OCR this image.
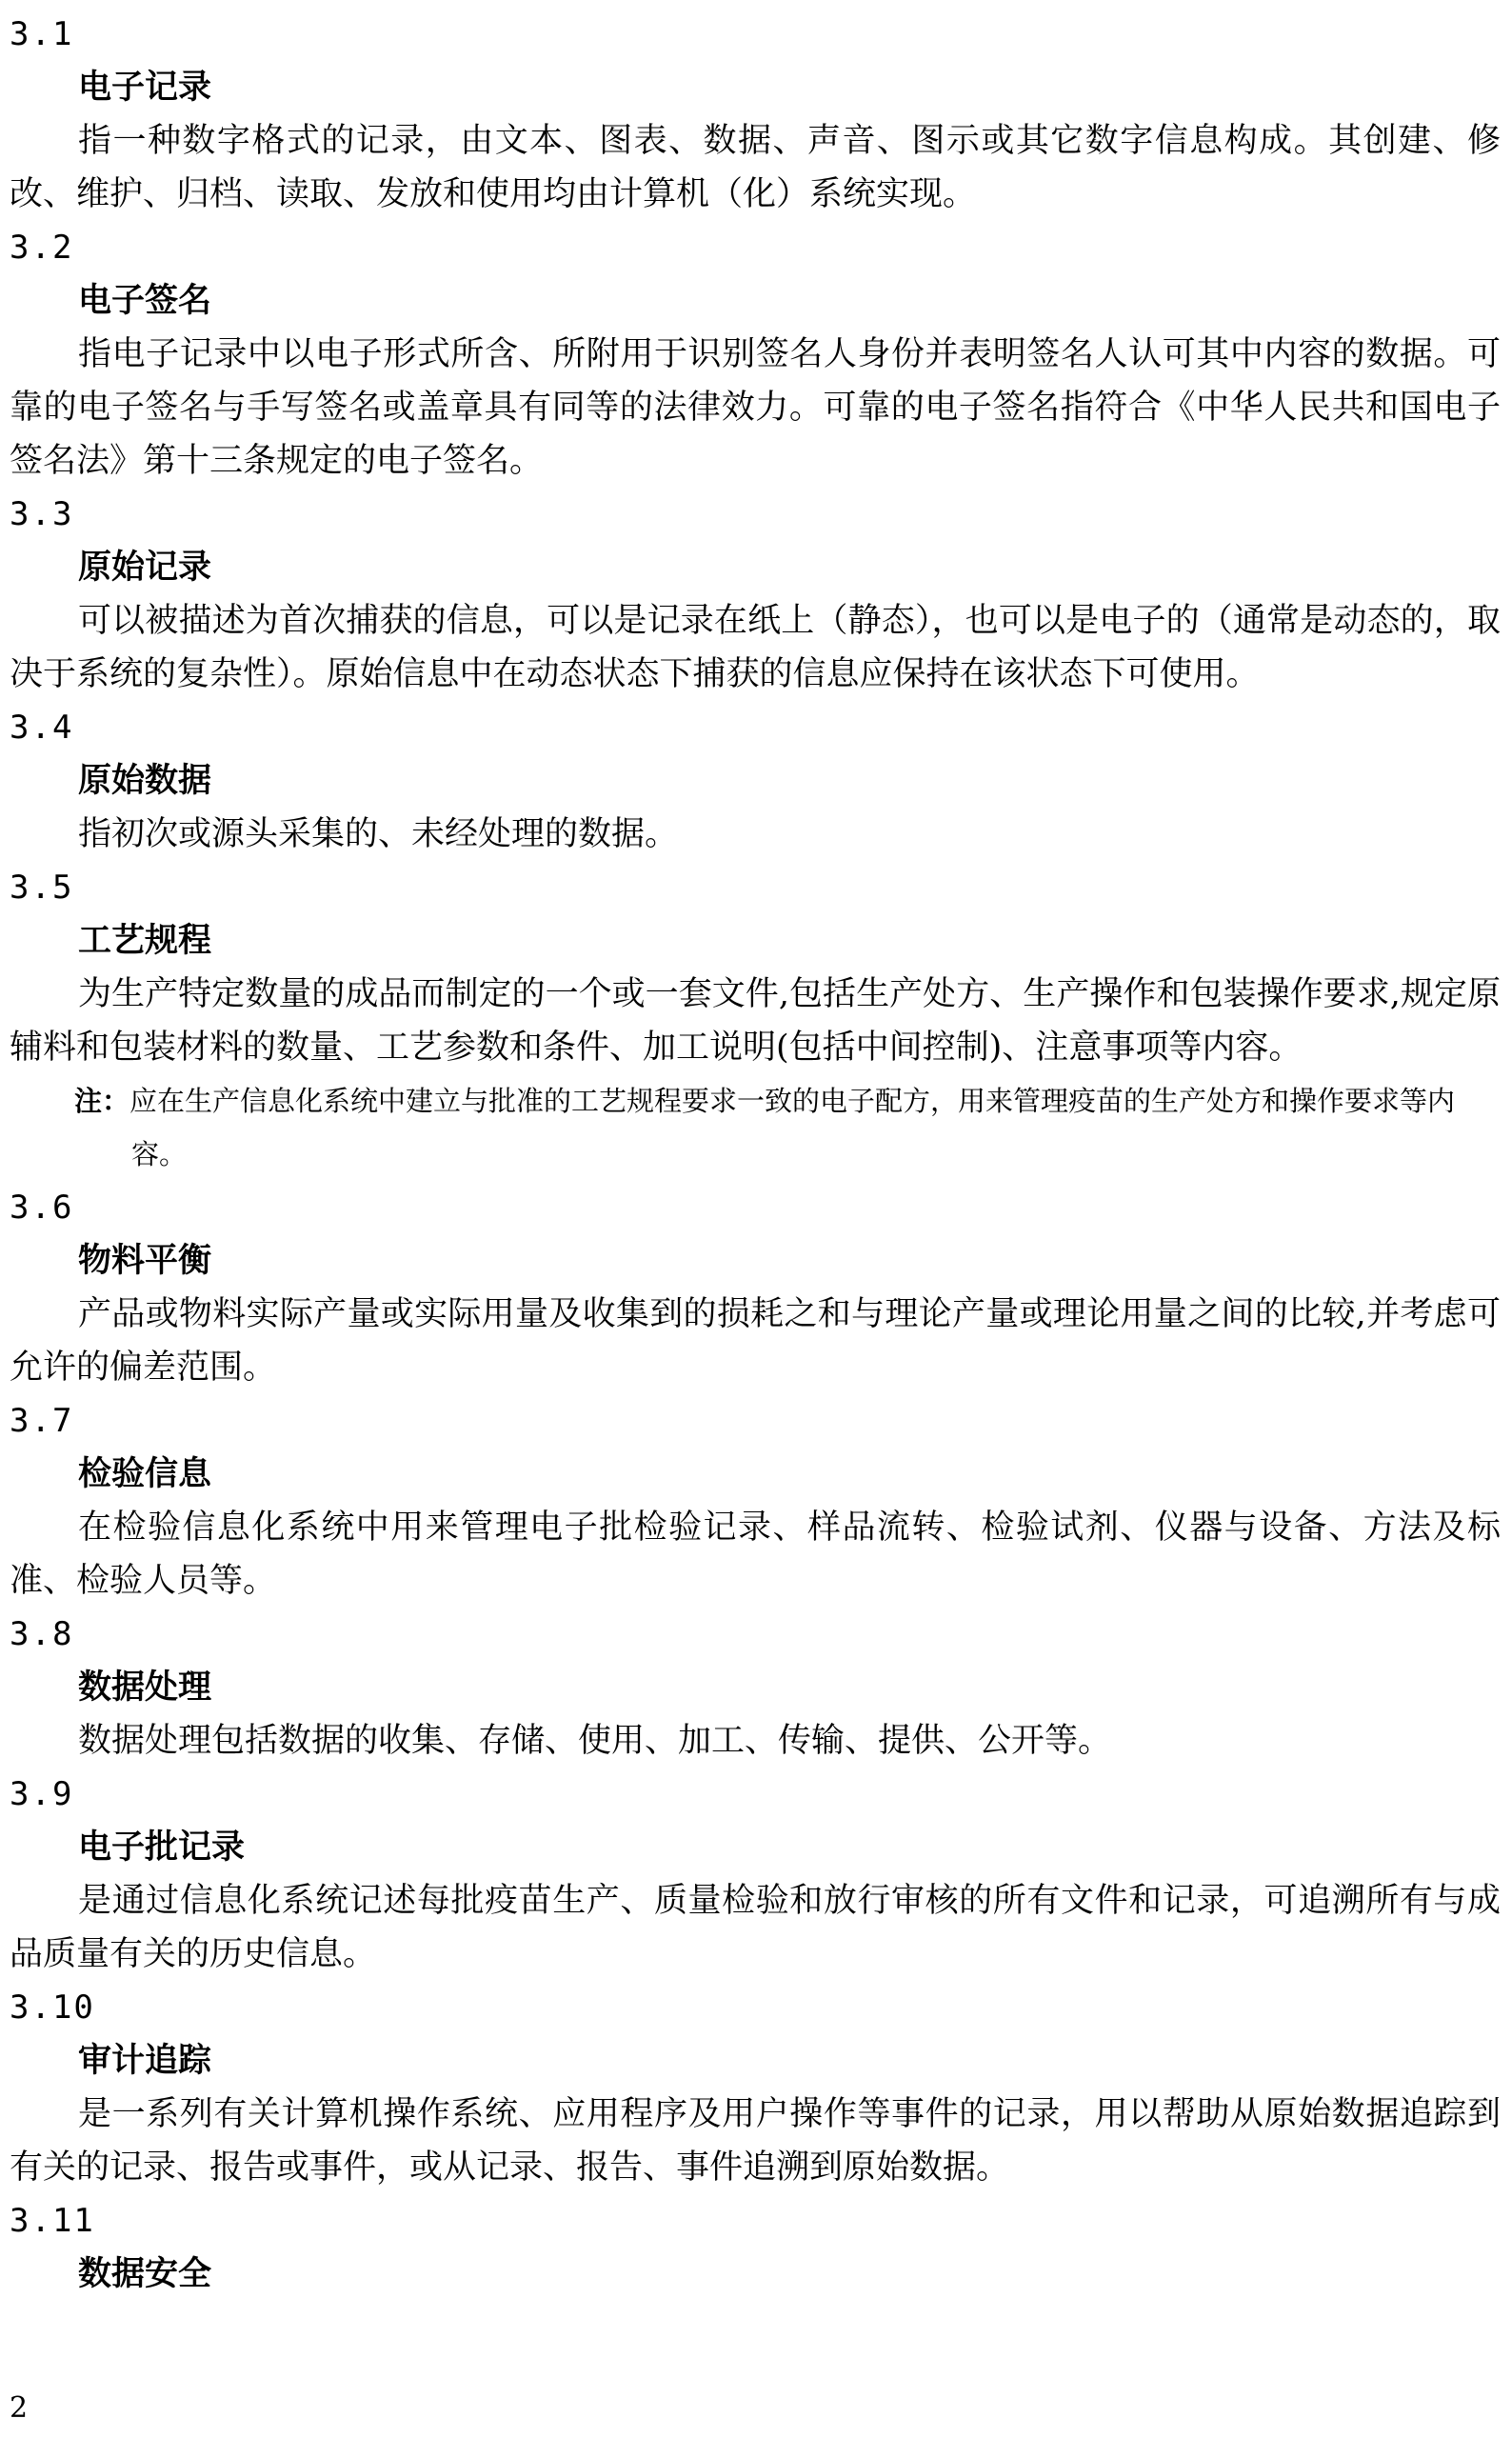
3.1
电子记录

指一种数字格式的记录，由文本、图表、数据、声音、图示或其它数字信息构成。其创建、修改、维护、归档、读取、发放和使用均由计算机（化）系统实现。

3.2
电子签名

指电子记录中以电子形式所含、所附用于识别签名人身份并表明签名人认可其中内容的数据。可靠的电子签名与手写签名或盖章具有同等的法律效力。可靠的电子签名指符合《中华人民共和国电子签名法》第十三条规定的电子签名。

3.3
原始记录

可以被描述为首次捕获的信息，可以是记录在纸上（静态），也可以是电子的（通常是动态的，取决于系统的复杂性）。原始信息中在动态状态下捕获的信息应保持在该状态下可使用。

3.4
原始数据

指初次或源头采集的、未经处理的数据。

3.5
工艺规程

为生产特定数量的成品而制定的一个或一套文件,包括生产处方、生产操作和包装操作要求,规定原辅料和包装材料的数量、工艺参数和条件、加工说明(包括中间控制)、注意事项等内容。

注：应在生产信息化系统中建立与批准的工艺规程要求一致的电子配方，用来管理疫苗的生产处方和操作要求等内容。

3.6
物料平衡

产品或物料实际产量或实际用量及收集到的损耗之和与理论产量或理论用量之间的比较,并考虑可允许的偏差范围。

3.7
检验信息

在检验信息化系统中用来管理电子批检验记录、样品流转、检验试剂、仪器与设备、方法及标准、检验人员等。

3.8
数据处理

数据处理包括数据的收集、存储、使用、加工、传输、提供、公开等。

3.9
电子批记录

是通过信息化系统记述每批疫苗生产、质量检验和放行审核的所有文件和记录，可追溯所有与成品质量有关的历史信息。

3.10
审计追踪

是一系列有关计算机操作系统、应用程序及用户操作等事件的记录，用以帮助从原始数据追踪到有关的记录、报告或事件，或从记录、报告、事件追溯到原始数据。

3.11
数据安全
2
